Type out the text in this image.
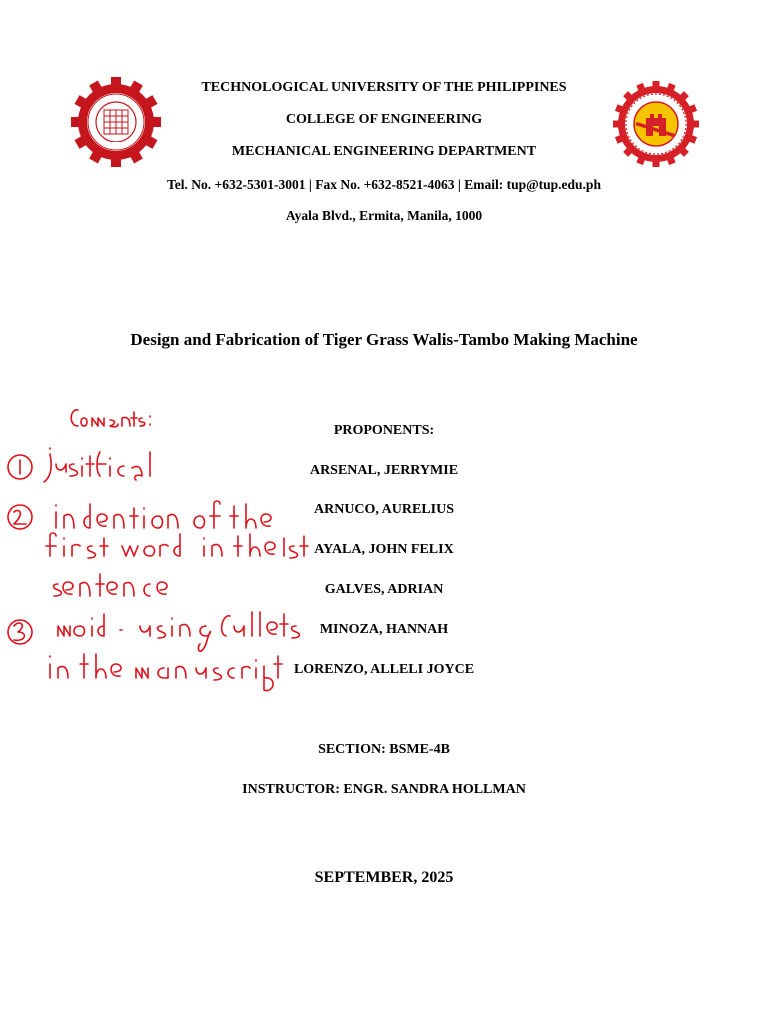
TECHNOLOGICAL UNIVERSITY OF THE PHILIPPINES
COLLEGE OF ENGINEERING
MECHANICAL ENGINEERING DEPARTMENT
Tel. No. +632-5301-3001 | Fax No. +632-8521-4063 | Email: tup@tup.edu.ph
Ayala Blvd., Ermita, Manila, 1000
Design and Fabrication of Tiger Grass Walis-Tambo Making Machine
PROPONENTS:
ARSENAL, JERRYMIE
ARNUCO, AURELIUS
AYALA, JOHN FELIX
GALVES, ADRIAN
MINOZA, HANNAH
LORENZO, ALLELI JOYCE
SECTION: BSME-4B
INSTRUCTOR: ENGR. SANDRA HOLLMAN
SEPTEMBER, 2025
